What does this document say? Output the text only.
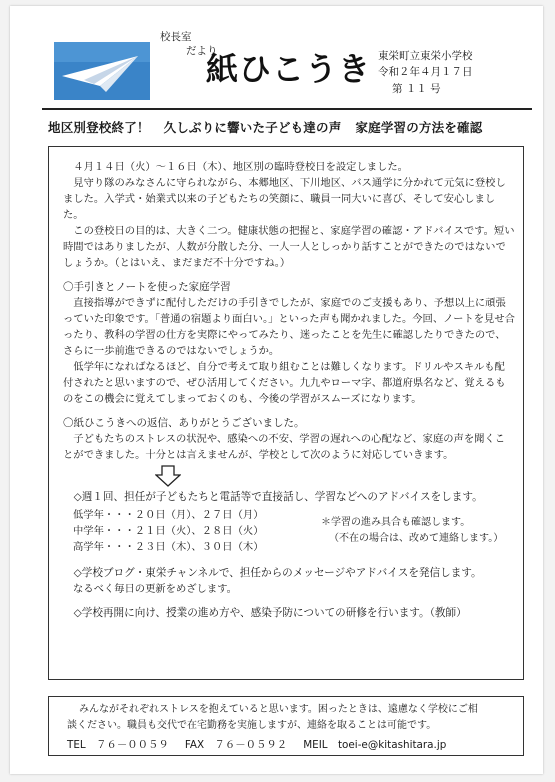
校長室
だより
紙ひこうき 東栄町立東栄小学校
令和２年４月１７日
第 １１ 号
地区別登校終了！ 久しぶりに響いた子ども達の声 家庭学習の方法を確認

４月１４日（火）～１６日（木）、地区別の臨時登校日を設定しました。

見守り隊のみなさんに守られながら、本郷地区、下川地区、バス通学に分かれて元気に登校しました。入学式・始業式以来の子どもたちの笑顔に、職員一同大いに喜び、そして安心しました。

この登校日の目的は、大きく二つ。健康状態の把握と、家庭学習の確認・アドバイスです。短い時間ではありましたが、人数が分散した分、一人一人としっかり話すことができたのではないでしょうか。（とはいえ、まだまだ不十分ですね。）

〇手引きとノートを使った家庭学習

直接指導ができずに配付しただけの手引きでしたが、家庭でのご支援もあり、予想以上に頑張っていた印象です。「普通の宿題より面白い。」といった声も聞かれました。今回、ノートを見せ合ったり、教科の学習の仕方を実際にやってみたり、迷ったことを先生に確認したりできたので、さらに一歩前進できるのではないでしょうか。

低学年になればなるほど、自分で考えて取り組むことは難しくなります。ドリルやスキルも配付されたと思いますので、ぜひ活用してください。九九やローマ字、都道府県名など、覚えるものをこの機会に覚えてしまっておくのも、今後の学習がスムーズになります。

〇紙ひこうきへの返信、ありがとうございました。

子どもたちのストレスの状況や、感染への不安、学習の遅れへの心配など、家庭の声を聞くことができました。十分とは言えませんが、学校として次のように対応していきます。

◇週１回、担任が子どもたちと電話等で直接話し、学習などへのアドバイスをします。

低学年・・・２０日（月）、２７日（月）
中学年・・・２１日（火）、２８日（火）
高学年・・・２３日（木）、３０日（木）
＊学習の進み具合も確認します。
（不在の場合は、改めて連絡します。）

◇学校ブログ・東栄チャンネルで、担任からのメッセージやアドバイスを発信します。

なるべく毎日の更新をめざします。

◇学校再開に向け、授業の進め方や、感染予防についての研修を行います。（教師）

みんながそれぞれストレスを抱えていると思います。困ったときは、遠慮なく学校にご相
談ください。職員も交代で在宅勤務を実施しますが、連絡を取ることは可能です。
TEL　７６－００５９ FAX　７６－０５９２ MEIL　toei-e@kitashitara.jp
